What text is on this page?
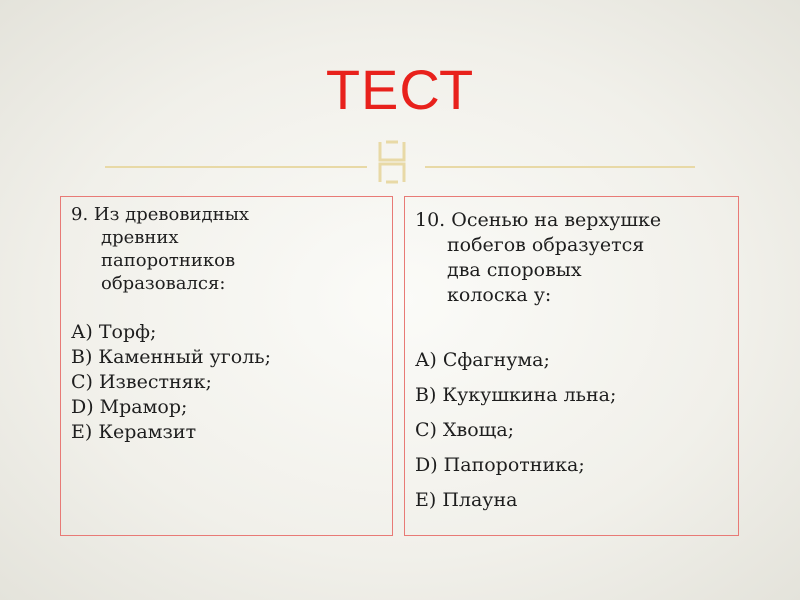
ТЕСТ

9. Из древовидных
древних
папоротников
образовался:

А) Торф;
В) Каменный уголь;
С) Известняк;
D) Мрамор;
Е) Керамзит

10. Осенью на верхушке
побегов образуется
два споровых
колоска у:

А) Сфагнума;
В) Кукушкина льна;
С) Хвоща;
D) Папоротника;
Е) Плауна
